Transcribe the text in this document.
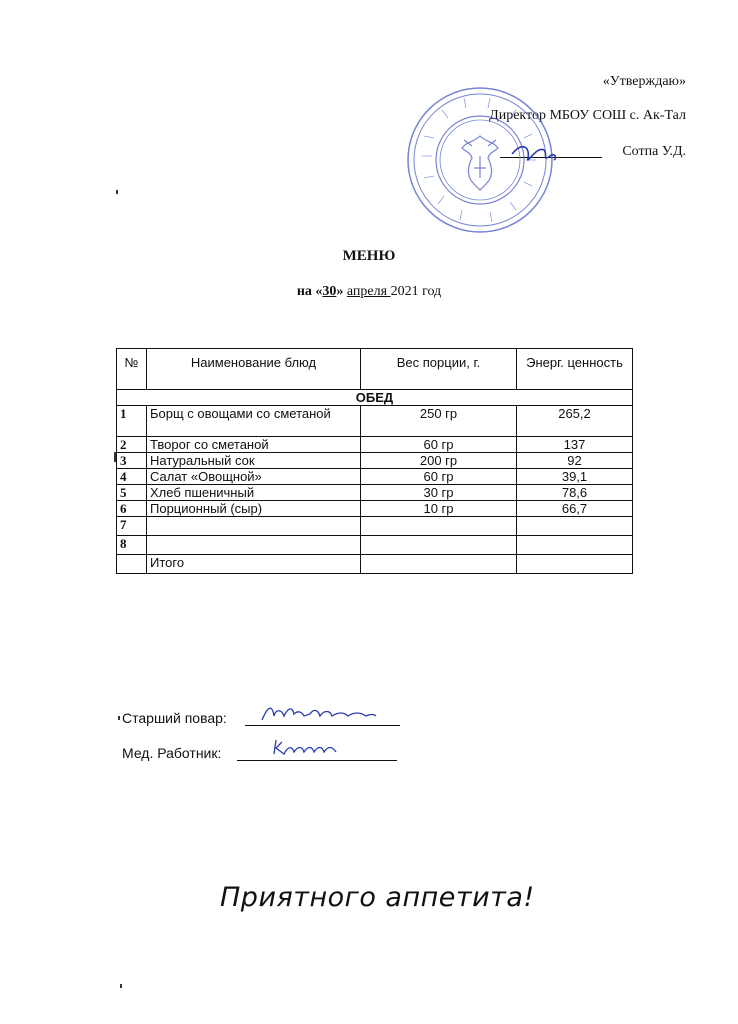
«Утверждаю»
Директор МБОУ СОШ с. Ак-Тал
Сотпа У.Д.
МЕНЮ
на «30» апреля 2021 год
№	Наименование блюд	Вес порции, г.	Энерг. ценность
ОБЕД			
1	Борщ с овощами со сметаной	250 гр	265,2
2	Творог со сметаной	60 гр	137
3	Натуральный сок	200 гр	92
4	Салат «Овощной»	60 гр	39,1
5	Хлеб пшеничный	30 гр	78,6
6	Порционный (сыр)	10 гр	66,7
7			
8			
	Итого		
Старший повар:
Мед. Работник:
Приятного аппетита!
